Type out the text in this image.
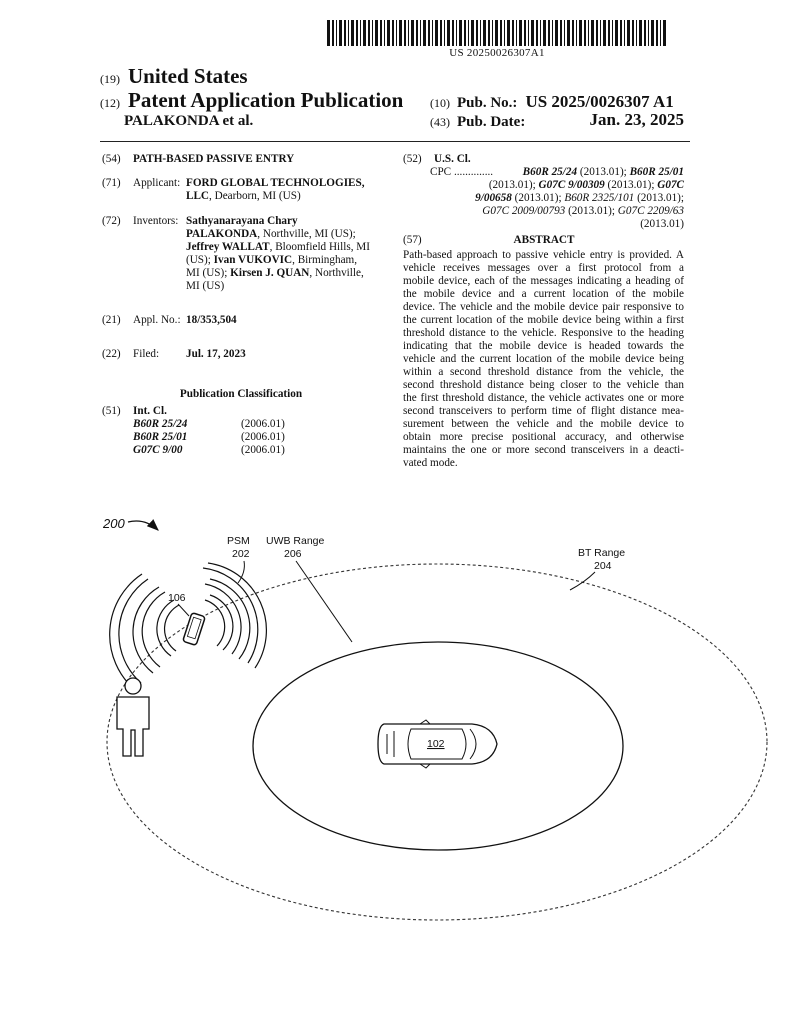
US 20250026307A1
(19) United States
(12) Patent Application Publication
PALAKONDA et al.
(10) Pub. No.: US 2025/0026307 A1
(43) Pub. Date:	Jan. 23, 2025
(54) PATH-BASED PASSIVE ENTRY
(71) Applicant: FORD GLOBAL TECHNOLOGIES,
LLC, Dearborn, MI (US)
(72) Inventors: Sathyanarayana Chary
PALAKONDA, Northville, MI (US);
Jeffrey WALLAT, Bloomfield Hills, MI
(US); Ivan VUKOVIC, Birmingham,
MI (US); Kirsen J. QUAN, Northville,
MI (US)
(21) Appl. No.: 18/353,504
(22) Filed: Jul. 17, 2023
Publication Classification
(51) Int. Cl.
B60R 25/24	(2006.01)
B60R 25/01	(2006.01)
G07C 9/00	(2006.01)
(52) U.S. Cl.
CPC ..............	B60R 25/24 (2013.01); B60R 25/01
(2013.01); G07C 9/00309 (2013.01); G07C
9/00658 (2013.01); B60R 2325/101 (2013.01);
G07C 2009/00793 (2013.01); G07C 2209/63
(2013.01)
(57)	ABSTRACT
Path-based approach to passive vehicle entry is provided. A
vehicle receives messages over a first protocol from a
mobile device, each of the messages indicating a heading of
the mobile device and a current location of the mobile
device. The vehicle and the mobile device pair responsive to
the current location of the mobile device being within a first
threshold distance to the vehicle. Responsive to the heading
indicating that the mobile device is headed towards the
vehicle and the current location of the mobile device being
within a second threshold distance from the vehicle, the
second threshold distance being closer to the vehicle than
the first threshold distance, the vehicle activates one or more
second transceivers to perform time of flight distance mea-
surement between the vehicle and the mobile device to
obtain more precise positional accuracy, and otherwise
maintains the one or more second transceivers in a deacti-
vated mode.
200
PSM
202
UWB Range
206	BT Range
204
106
102
